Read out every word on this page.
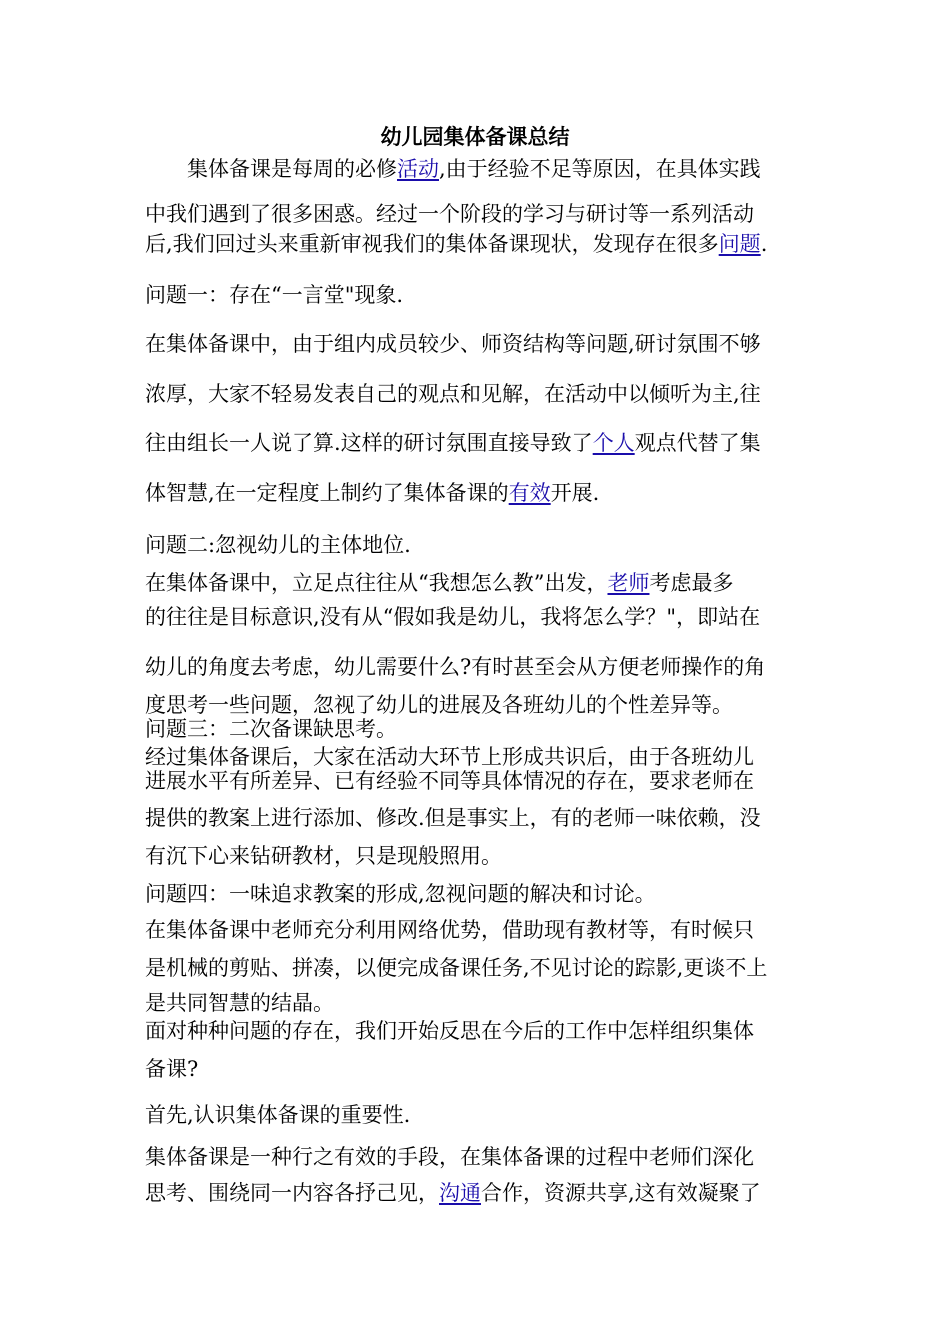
幼儿园集体备课总结

集体备课是每周的必修活动,由于经验不足等原因，在具体实践

中我们遇到了很多困惑。经过一个阶段的学习与研讨等一系列活动

后,我们回过头来重新审视我们的集体备课现状，发现存在很多问题.

问题一：存在“一言堂"现象.

在集体备课中，由于组内成员较少、师资结构等问题,研讨氛围不够

浓厚，大家不轻易发表自己的观点和见解，在活动中以倾听为主,往

往由组长一人说了算.这样的研讨氛围直接导致了个人观点代替了集

体智慧,在一定程度上制约了集体备课的有效开展.

问题二:忽视幼儿的主体地位.

在集体备课中，立足点往往从“我想怎么教”出发，老师考虑最多

的往往是目标意识,没有从“假如我是幼儿，我将怎么学？"，即站在

幼儿的角度去考虑，幼儿需要什么?有时甚至会从方便老师操作的角

度思考一些问题，忽视了幼儿的进展及各班幼儿的个性差异等。

问题三：二次备课缺思考。

经过集体备课后，大家在活动大环节上形成共识后，由于各班幼儿

进展水平有所差异、已有经验不同等具体情况的存在，要求老师在

提供的教案上进行添加、修改.但是事实上，有的老师一味依赖，没

有沉下心来钻研教材，只是现般照用。

问题四：一味追求教案的形成,忽视问题的解决和讨论。

在集体备课中老师充分利用网络优势，借助现有教材等，有时候只

是机械的剪贴、拼凑，以便完成备课任务,不见讨论的踪影,更谈不上

是共同智慧的结晶。

面对种种问题的存在，我们开始反思在今后的工作中怎样组织集体

备课?

首先,认识集体备课的重要性.

集体备课是一种行之有效的手段，在集体备课的过程中老师们深化

思考、围绕同一内容各抒己见，沟通合作，资源共享,这有效凝聚了
